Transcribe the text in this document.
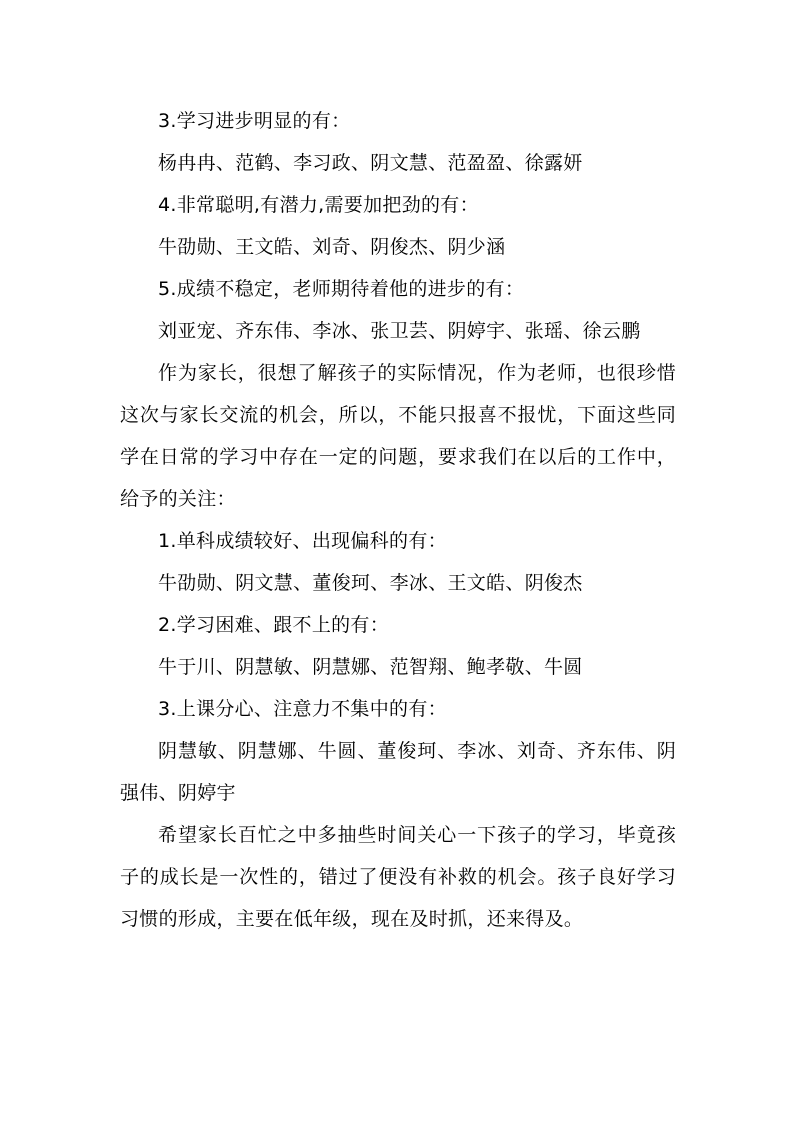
3.学习进步明显的有：

杨冉冉、范鹤、李习政、阴文慧、范盈盈、徐露妍

4.非常聪明,有潜力,需要加把劲的有：

牛劭勋、王文皓、刘奇、阴俊杰、阴少涵

5.成绩不稳定，老师期待着他的进步的有：

刘亚宠、齐东伟、李冰、张卫芸、阴婷宇、张瑶、徐云鹏

作为家长，很想了解孩子的实际情况，作为老师，也很珍惜这次与家长交流的机会，所以，不能只报喜不报忧，下面这些同学在日常的学习中存在一定的问题，要求我们在以后的工作中，给予的关注：

1.单科成绩较好、出现偏科的有：

牛劭勋、阴文慧、董俊珂、李冰、王文皓、阴俊杰

2.学习困难、跟不上的有：

牛于川、阴慧敏、阴慧娜、范智翔、鲍孝敬、牛圆

3.上课分心、注意力不集中的有：

阴慧敏、阴慧娜、牛圆、董俊珂、李冰、刘奇、齐东伟、阴强伟、阴婷宇

希望家长百忙之中多抽些时间关心一下孩子的学习，毕竟孩子的成长是一次性的，错过了便没有补救的机会。孩子良好学习习惯的形成，主要在低年级，现在及时抓，还来得及。
